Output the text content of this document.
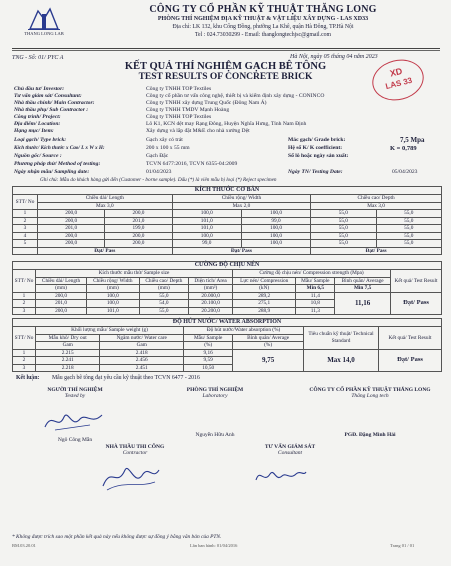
THANG LONG LAB
CÔNG TY CỔ PHẦN KỸ THUẬT THĂNG LONG
PHÒNG THÍ NGHIỆM ĐỊA KỸ THUẬT & VẬT LIỆU XÂY DỰNG - LAS XD33
Địa chỉ: LK 132, khu Cổng Đồng, phường La Khê, quận Hà Đông, TP.Hà Nội
Tel : 024.73030299 - Email: thanglongtechjsc@gmail.com
TNG - Số: 01/ PYC A	Hà Nội, ngày 05 tháng 04 năm 2023
KẾT QUẢ THÍ NGHIỆM GẠCH BÊ TÔNG
TEST RESULTS OF CONCRETE BRICK	XD
LAS 33
Chủ đầu tư/ Investor:	Công ty TNHH TOP Textiles
Tư vấn giám sát/ Consultant:	Công ty cổ phần tư vấn công nghệ, thiết bị và kiểm định xây dựng - CONINCO
Nhà thầu chính/ Main Contractor:	Công ty TNHH xây dựng Trung Quốc (Đông Nam Á)
Nhà thầu phụ/ Sub Contractor :	Công ty TNHH TMDV Mạnh Hoàng
Công trình/ Project:	Công ty TNHH TOP Textiles
Địa điểm/ Location:	Lô K1, KCN dệt may Rạng Đông, Huyện Nghĩa Hưng, Tỉnh Nam Định
Hạng mục/ Item:	Xây dựng và lắp đặt M&E cho nhà xưởng Dệt
Loại gạch/ Type brick:	Gạch xây có trát	Mác gạch/ Grade brick:	7,5 Mpa
Kích thước/ Kích thước x Cao/ L x W x H:	200 x 100 x 55 mm	Hệ số K/ K coefficient:	K = 0,789
Nguồn gốc/ Source :	Gạch Đặc	Số lô hoặc ngày sản xuất:
Phương pháp thử/ Method of testing:	TCVN 6477:2016, TCVN 6355-04:2009
Ngày nhận mẫu/ Sampling date:	01/04/2023	Ngày TN/ Testing Date:	05/04/2023
Ghi chú: Mẫu do khách hàng gửi đến (Customer - borne sample). Dấu (*) là viên mẫu bị loại (*) Reject specimen
KÍCH THƯỚC CƠ BẢN
STT/ No	Chiều dài/ Length		Chiều rộng/ Width		Chiều cao/ Depth	
	Max 3,0		Max 2,0		Max 3,0	
1	200,0	200,0	100,0	100,0	55,0	55,0
2	200,0	201,0	101,0	99,0	55,0	55,0
3	201,0	199,0	101,0	100,0	55,0	55,0
4	200,0	200,0	100,0	100,0	55,0	55,0
5	200,0	200,0	99,0	100,0	55,0	55,0
	Đạt/ Pass		Đạt/ Pass		Đạt/ Pass	
CƯỜNG ĐỘ CHỊU NÉN
STT/ No	Kích thước mẫu thử/ Sample size				Cường độ chịu nén/ Compression strength (Mpa)			Kết quả/ Test Result
	Chiều dài/ Length	Chiều rộng/ Width	Chiều cao/ Depth	Diện tích/ Area	Lực nén/ Compression	Mẫu/ Sample	Bình quân/ Average	
	(mm)	(mm)	(mm)	(mm²)	(kN)	Min 6,5	Min 7,5	
1	200,0	100,0	55,0	20.000,0	289,2	11,4	11,16	Đạt/ Pass
2	201,0	100,0	54,0	20.100,0	275,1	10,8		
3	200,0	101,0	55,0	20.200,0	288,9	11,3		
ĐỘ HÚT NƯỚC/ WATER ABSORPTION
STT/ No	Khối lượng mẫu/ Sample weight (g)		Độ hút nước/Water absorption (%)		Tiêu chuẩn kỹ thuật/ Technical Standard	Kết quả/ Test Result
	Mẫu khô/ Dry out	Ngâm nước/ Water care	Mẫu/ Sample	Bình quân/ Average		
	Gam	Gam	(%)	(%)		
1	2.215	2.418	9,16	9,75	Max 14,0	Đạt/ Pass
2	2.241	2.456	9,59			
3	2.218	2.451	10,50			
Kết luận: Mẫu gạch bê tông đạt yêu cầu kỹ thuật theo TCVN 6477 - 2016
NGƯỜI THÍ NGHIỆM
Tested by
PHÒNG THÍ NGHIỆM
Laboratory
CÔNG TY CỔ PHẦN KỸ THUẬT THĂNG LONG
Thăng Long tech
Ngô Công Mẫn
Nguyễn Hữu Anh	PGĐ. Đặng Minh Hải
NHÀ THẦU THI CÔNG
Contractor
TƯ VẤN GIÁM SÁT
Consultant
* Không được trích sao một phần kết quả này nếu không được sự đồng ý bằng văn bản của PTN.
BM.03.20.01	Lần ban hành: 01/04/2016	Trang 01 / 01
